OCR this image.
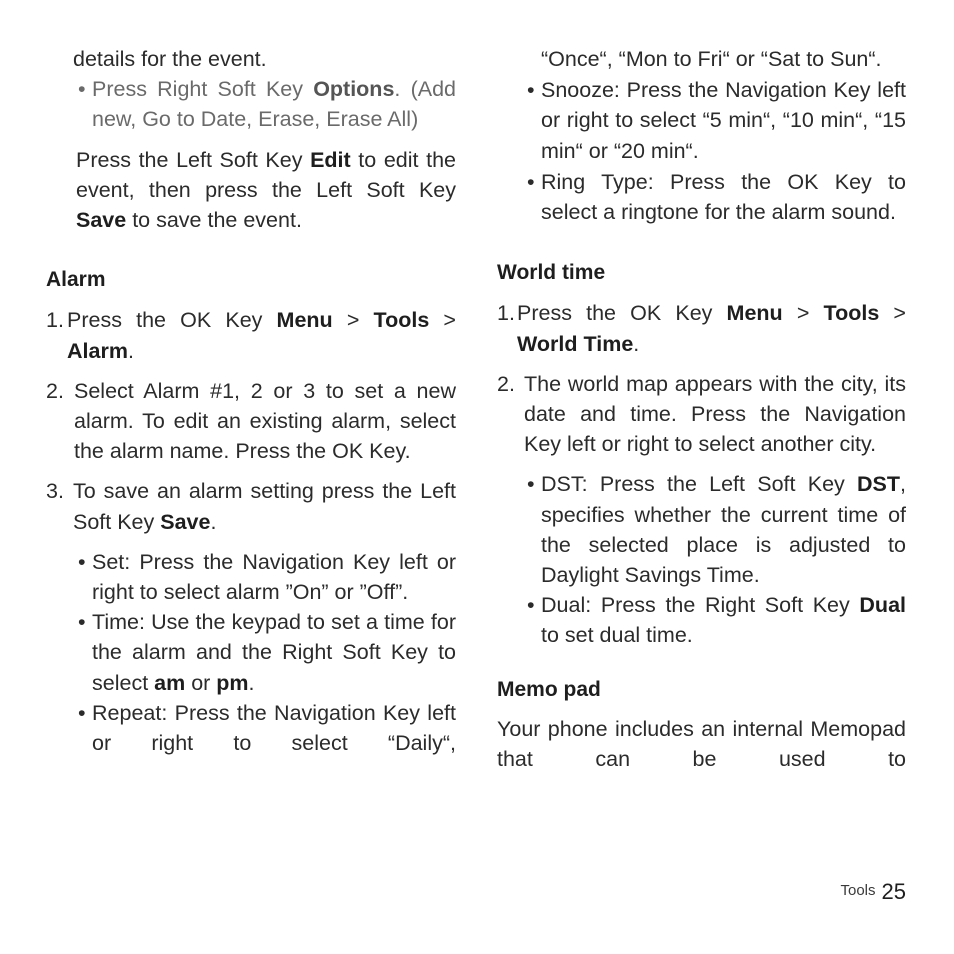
details for the event.

• Press Right Soft Key Options. (Add new, Go to Date, Erase, Erase All)

Press the Left Soft Key Edit to edit the event, then press the Left Soft Key Save to save the event.

Alarm

1. Press the OK Key Menu > Tools > Alarm.

2. Select Alarm #1, 2 or 3 to set a new alarm. To edit an existing alarm, select the alarm name. Press the OK Key.

3. To save an alarm setting press the Left Soft Key Save.

• Set: Press the Navigation Key left or right to select alarm ”On” or ”Off”.

• Time: Use the keypad to set a time for the alarm and the Right Soft Key to select am or pm.

• Repeat: Press the Navigation Key left or right to select “Daily“,

“Once“, “Mon to Fri“ or “Sat to Sun“.

• Snooze: Press the Navigation Key left or right to select “5 min“, “10 min“, “15 min“ or “20 min“.

• Ring Type: Press the OK Key to select a ringtone for the alarm sound.

World time

1. Press the OK Key Menu > Tools > World Time.

2. The world map appears with the city, its date and time. Press the Navigation Key left or right to select another city.

• DST: Press the Left Soft Key DST, specifies whether the current time of the selected place is adjusted to Daylight Savings Time.

• Dual: Press the Right Soft Key Dual to set dual time.

Memo pad

Your phone includes an internal Memopad that can be used to

Tools 25
